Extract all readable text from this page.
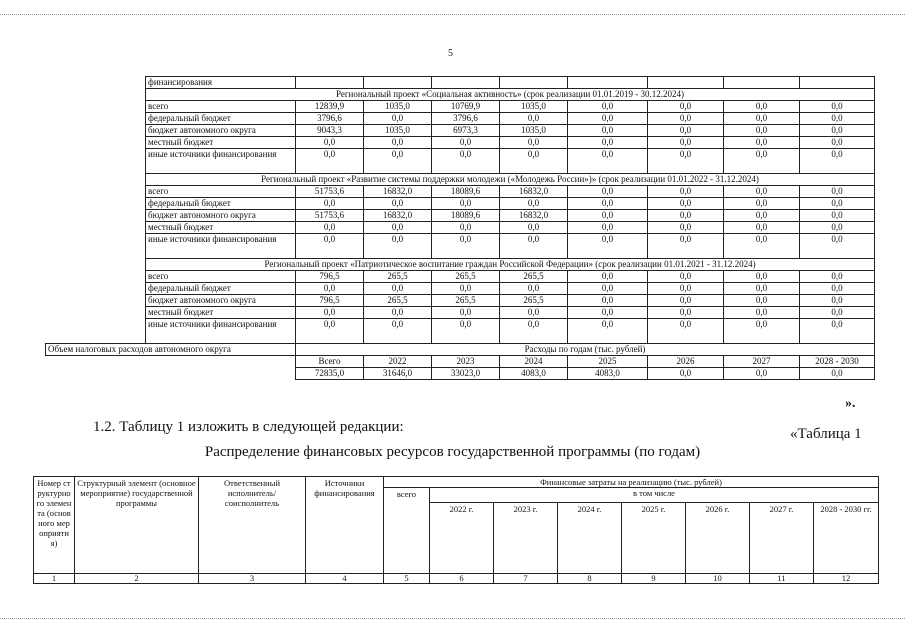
5
	финансирования								
	Региональный проект «Социальная активность» (срок реализации 01.01.2019 - 30.12.2024)								
	всего	12839,9	1035,0	10769,9	1035,0	0,0	0,0	0,0	0,0
	федеральный бюджет	3796,6	0,0	3796,6	0,0	0,0	0,0	0,0	0,0
	бюджет автономного округа	9043,3	1035,0	6973,3	1035,0	0,0	0,0	0,0	0,0
	местный бюджет	0,0	0,0	0,0	0,0	0,0	0,0	0,0	0,0
	иные источники финансирования	0,0	0,0	0,0	0,0	0,0	0,0	0,0	0,0
	Региональный проект «Развитие системы поддержки молодежи («Молодежь России»)» (срок реализации 01.01.2022 - 31.12.2024)								
	всего	51753,6	16832,0	18089,6	16832,0	0,0	0,0	0,0	0,0
	федеральный бюджет	0,0	0,0	0,0	0,0	0,0	0,0	0,0	0,0
	бюджет автономного округа	51753,6	16832,0	18089,6	16832,0	0,0	0,0	0,0	0,0
	местный бюджет	0,0	0,0	0,0	0,0	0,0	0,0	0,0	0,0
	иные источники финансирования	0,0	0,0	0,0	0,0	0,0	0,0	0,0	0,0
	Региональный проект «Патриотическое воспитание граждан Российской Федерации» (срок реализации 01.01.2021 - 31.12.2024)								
	всего	796,5	265,5	265,5	265,5	0,0	0,0	0,0	0,0
	федеральный бюджет	0,0	0,0	0,0	0,0	0,0	0,0	0,0	0,0
	бюджет автономного округа	796,5	265,5	265,5	265,5	0,0	0,0	0,0	0,0
	местный бюджет	0,0	0,0	0,0	0,0	0,0	0,0	0,0	0,0
	иные источники финансирования	0,0	0,0	0,0	0,0	0,0	0,0	0,0	0,0
Объем налоговых расходов автономного округа		Расходы по годам (тыс. рублей)							
		Всего	2022	2023	2024	2025	2026	2027	2028 - 2030
		72835,0	31646,0	33023,0	4083,0	4083,0	0,0	0,0	0,0
».
1.2. Таблицу 1 изложить в следующей редакции:	«Таблица 1
Распределение финансовых ресурсов государственной программы (по годам)
Номер структурного элемента (основного мероприятия)	Структурный элемент (основное мероприятие) государственной программы	Ответственный исполнитель/соисполнитель	Источники финансирования	Финансовые затраты на реализацию (тыс. рублей)							
				всего	в том числе						
					2022 г.	2023 г.	2024 г.	2025 г.	2026 г.	2027 г.	2028 - 2030 гг.
1	2	3	4	5	6	7	8	9	10	11	12
